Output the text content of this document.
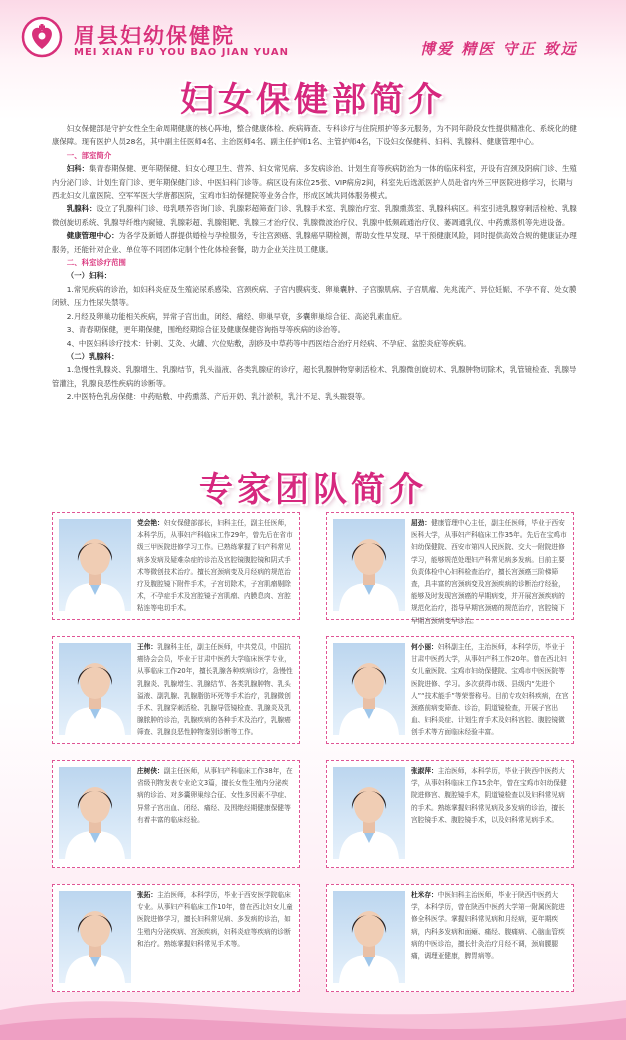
眉县妇幼保健院
MEI XIAN FU YOU BAO JIAN YUAN	博爱 精医 守正 致远
妇女保健部简介

妇女保健部是守护女性全生命周期健康的核心阵地，整合健康体检、疾病筛查、专科诊疗与住院照护等多元服务，为不同年龄段女性提供精准化、系统化的健康保障。现有医护人员28名，其中副主任医师4名、主治医师4名、副主任护师1名、主管护师4名，下设妇女保健科、妇科、乳腺科、健康管理中心。

一、部室简介

妇科：集青春期保健、更年期保健、妇女心理卫生、营养、妇女常见病、多发病诊治、计划生育等疾病防治为一体的临床科室，开设有宫颈及阴病门诊、生殖内分泌门诊、计划生育门诊、更年期保健门诊、中医妇科门诊等。病区设有床位25张、VIP病房2间，科室先后选派医护人员赴省内外三甲医院进修学习，长期与西北妇女儿童医院、空军军医大学唐都医院，宝鸡市妇幼保健院等业务合作，形成区域共同体服务模式。

乳腺科：设立了乳腺科门诊、母乳喂养咨询门诊、乳腺彩超筛查门诊、乳腺手术室、乳腺治疗室、乳腺熏蒸室、乳腺科病区。科室引进乳腺穿刺活检枪、乳腺微创旋切系统、乳腺导纤维内窥镜、乳腺彩超、乳腺钼靶、乳腺三才治疗仪、乳腺微波治疗仪、乳腺中低频疏通治疗仪、萎凋通乳仪、中药熏蒸机等先进设备。

健康管理中心：为各学及新婚人群提供婚检与孕检服务，专注宫颈癌、乳腺癌早期检测，帮助女性早发现、早干预健康风险，同时提供高效合规的健康证办理服务，还能针对企业、单位等不同团体定制个性化体检套餐，助力企业关注员工健康。

二、科室诊疗范围

（一）妇科：

1.常见疾病的诊治，如妇科炎症及生殖泌尿系感染、宫颈疾病、子宫内膜病变、卵巢囊肿、子宫腺肌病、子宫肌瘤、先兆流产、异位妊娠、不孕不育、处女膜闭锁、压力性尿失禁等。

2.月经及卵巢功能相关疾病，异常子宫出血，闭经、痛经、卵巢早衰，多囊卵巢综合征、高泌乳素血症。

3、青春期保健，更年期保健，围绝经期综合征及健康保健咨询指导等疾病的诊治等。

4、中医妇科诊疗技术：针刺、艾灸、火罐、穴位贴敷，刮痧及中草药等中西医结合治疗月经病、不孕症、盆腔炎症等疾病。

（二）乳腺科：

1.急慢性乳腺炎、乳腺增生、乳腺结节，乳头溢液、各类乳腺症的诊疗，超长乳腺肿物穿刺活检术、乳腺微创旋切术、乳腺肿物切除术，乳管镜检查、乳腺导管灌注，乳腺良恶性疾病的诊断等。

2.中医特色乳房保健：中药贴敷、中药熏蒸、产后开奶、乳汁淤积，乳汁不足、乳头皲裂等。

专家团队简介
党会艳：妇女保健部部长，妇科主任，副主任医师，本科学历，从事妇产科临床工作29年，曾先后在省市级三甲医院进修学习工作。已熟练掌握了妇产科常见病多发病及疑难杂症的诊治及宫腔镜腹腔镜和阴式手术等微创技术治疗。擅长宫颈病变及月经病的规范治疗及腹腔镜下附件手术，子宫切除术，子宫肌瘤剔除术，不孕症手术及宫腔镜子宫肌瘤、内膜息肉、宫腔粘连等电切手术。
屈劲：健康管理中心主任，副主任医师，毕业于西安医科大学，从事妇产科临床工作35年。先后在宝鸡市妇幼保健院、西安市第四人民医院、交大一附院进修学习，能够规范处理妇产科常见病多发病。目前主要负责体检中心妇科检查治疗，擅长宫颈癌三阶梯筛查，具丰富的宫颈病变及宫颈疾病的诊断治疗经验，能够及时发现宫颈癌的早期病变，并开展宫颈疾病的规范化治疗，指导早期宫颈癌的规范治疗，宫腔镜下早期宫颈病变早诊治。
王伟：乳腺科主任，副主任医师，中共党员，中国抗癌协会会员，毕业于甘肃中医药大学临床医学专业，从事临床工作20年，擅长乳腺各种疾病诊疗，急慢性乳腺炎、乳腺增生、乳腺结节、各类乳腺肿物、乳头溢液、副乳腺、乳腺脂肪坏死等手术治疗，乳腺微创手术、乳腺穿刺活检、乳腺导管镜检查、乳腺炎及乳腺脓肿的诊治，乳腺疾病的各种手术及治疗，乳腺癌筛查、乳腺良恶性肿物鉴别诊断等工作。
何小丽：妇科副主任，主治医师，本科学历，毕业于甘肃中医药大学，从事妇产科工作20年。曾在西北妇女儿童医院、宝鸡市妇幼保健院、宝鸡市中医医院等医院进修、学习。多次获得市级、县级内“先进个人”“技术能手”等荣誉称号。目前专攻妇科疾病，在宫颈癌前病变筛查、诊治，阴道镜检查，开展子宫出血、妇科炎症、计划生育手术及妇科宫腔、腹腔镜微创手术等方面临床经验丰富。
庄树侠：副主任医师，从事妇产科临床工作38年，在省级刊物发表专业论文3篇，擅长女性生殖内分泌疾病的诊治、对多囊卵巢综合征、女性多因素不孕症、异常子宫出血、闭经、痛经、及围绝经期健康保健等有着丰富的临床经验。
张淑萍：主治医师，本科学历，毕业于陕西中医药大学，从事妇科临床工作15余年，曾在宝鸡市妇幼保健院进修宫、腹腔镜手术，阴道镜检查以及妇科常见病的手术。熟练掌握妇科常见病及多发病的诊治，擅长宫腔镜手术、腹腔镜手术，以及妇科常见病手术。
张拓：主治医师，本科学历，毕业于西安医学院临床专业。从事妇产科临床工作10年，曾在西北妇女儿童医院进修学习，擅长妇科常见病、多发病的诊治，如生殖内分泌疾病、宫颈疾病，妇科炎症等疾病的诊断和治疗。熟练掌握妇科常见手术等。
杜米存：中医妇科主治医师，毕业于陕西中医药大学，本科学历，曾在陕西中医药大学第一附属医院进修全科医学。掌握妇科常见病和月经病，更年期疾病，内科多发病和面瘫、痛经、腹痛病、心脑血管疾病的中医诊治，擅长针灸治疗月经不调，颈肩腰腿痛，调理亚健康，脾胃病等。
